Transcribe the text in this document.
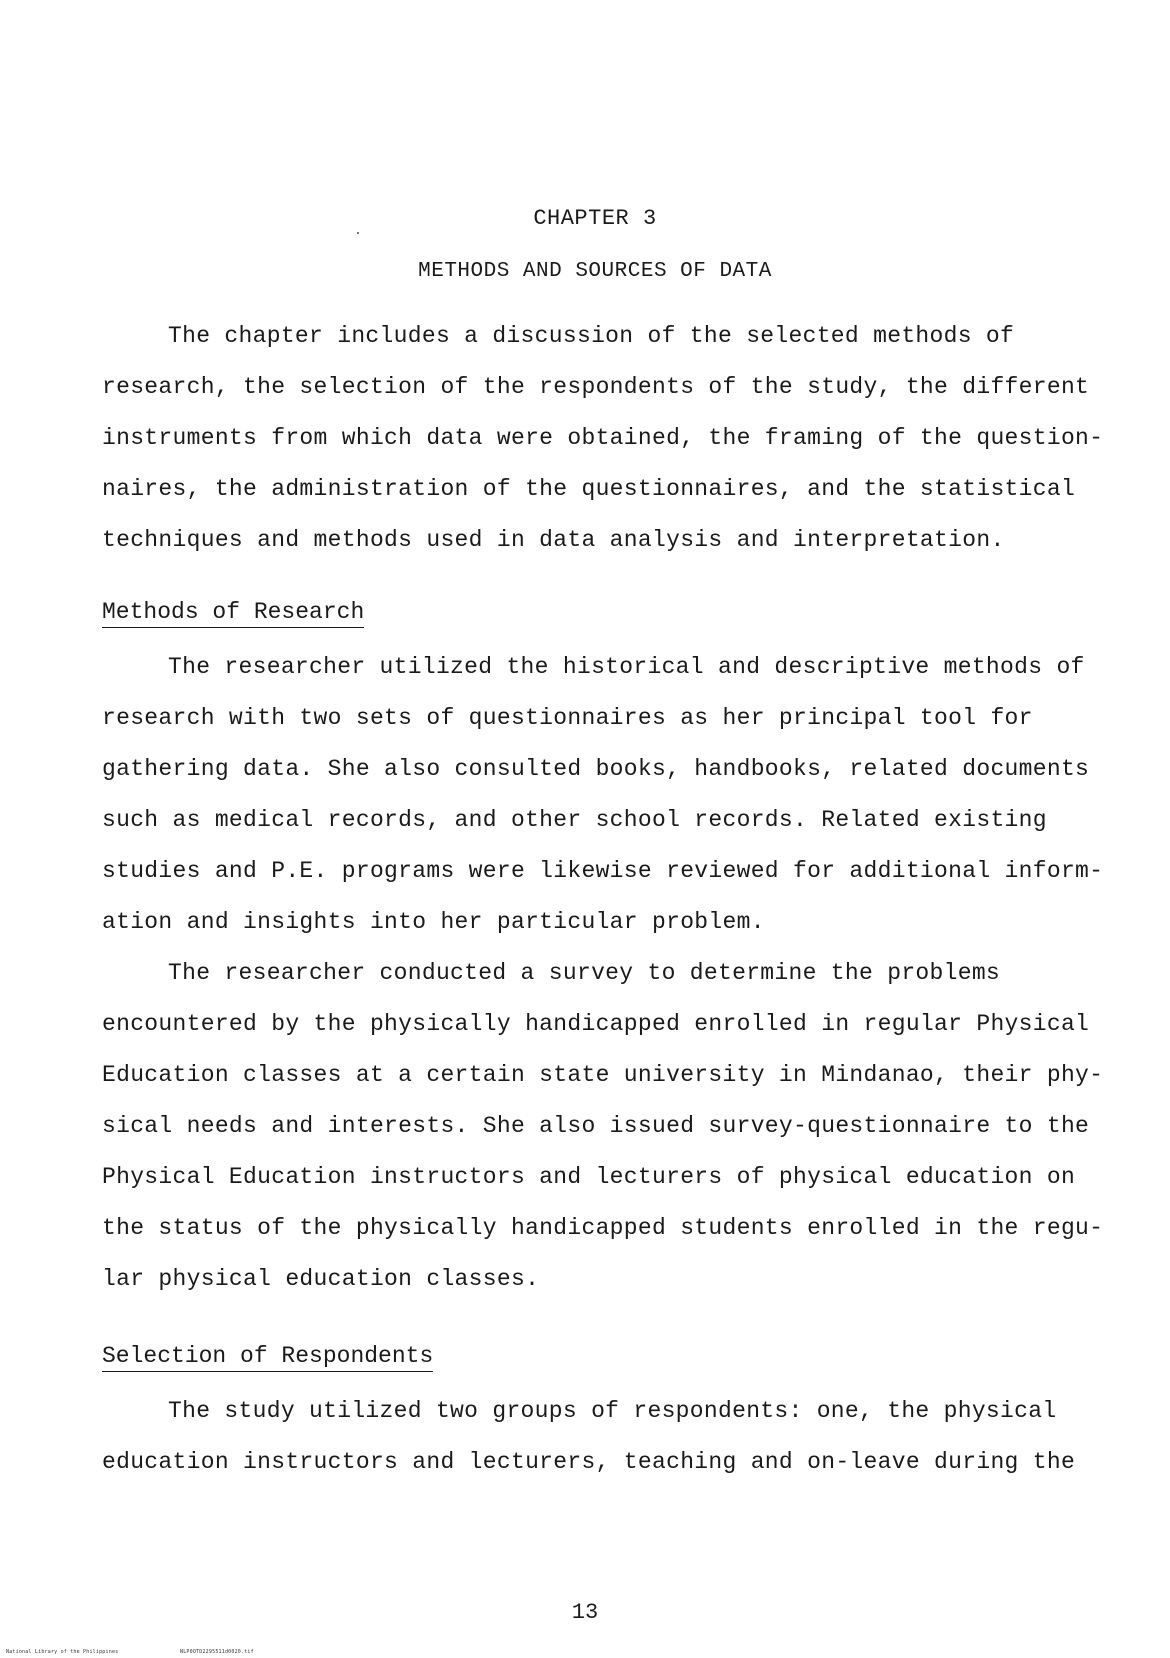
CHAPTER 3
METHODS AND SOURCES OF DATA
The chapter includes a discussion of the selected methods of
research, the selection of the respondents of the study, the different
instruments from which data were obtained, the framing of the question-
naires, the administration of the questionnaires, and the statistical
techniques and methods used in data analysis and interpretation.
Methods of Research
The researcher utilized the historical and descriptive methods of
research with two sets of questionnaires as her principal tool for
gathering data. She also consulted books, handbooks, related documents
such as medical records, and other school records. Related existing
studies and P.E. programs were likewise reviewed for additional inform-
ation and insights into her particular problem.
The researcher conducted a survey to determine the problems
encountered by the physically handicapped enrolled in regular Physical
Education classes at a certain state university in Mindanao, their phy-
sical needs and interests. She also issued survey-questionnaire to the
Physical Education instructors and lecturers of physical education on
the status of the physically handicapped students enrolled in the regu-
lar physical education classes.
Selection of Respondents
The study utilized two groups of respondents: one, the physical
education instructors and lecturers, teaching and on-leave during the
13
National Library of the Philippines	NLP0OTD2295511d0020.tif
